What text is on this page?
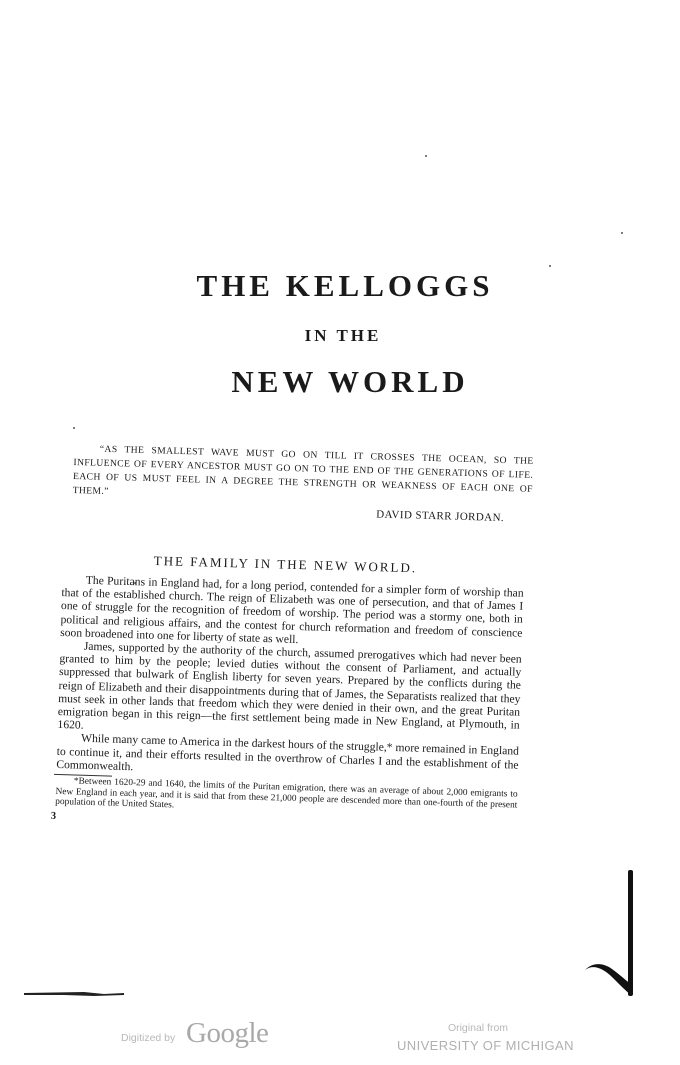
THE KELLOGGS
IN THE
NEW WORLD
“AS THE SMALLEST WAVE MUST GO ON TILL IT CROSSES THE OCEAN, SO THE INFLUENCE OF EVERY ANCESTOR MUST GO ON TO THE END OF THE GENERATIONS OF LIFE. EACH OF US MUST FEEL IN A DEGREE THE STRENGTH OR WEAKNESS OF EACH ONE OF THEM.”
DAVID STARR JORDAN.
THE FAMILY IN THE NEW WORLD.

The Puritans in England had, for a long period, contended for a simpler form of worship than that of the established church. The reign of Elizabeth was one of persecution, and that of James I one of struggle for the recognition of freedom of worship. The period was a stormy one, both in political and religious affairs, and the contest for church reformation and freedom of conscience soon broadened into one for liberty of state as well.

James, supported by the authority of the church, assumed prerogatives which had never been granted to him by the people; levied duties without the consent of Parliament, and actually suppressed that bulwark of English liberty for seven years. Prepared by the conflicts during the reign of Elizabeth and their disappointments during that of James, the Separatists realized that they must seek in other lands that freedom which they were denied in their own, and the great Puritan emigration began in this reign—the first settlement being made in New England, at Plymouth, in 1620.

While many came to America in the darkest hours of the struggle,* more remained in England to continue it, and their efforts resulted in the overthrow of Charles I and the establishment of the Commonwealth.

*Between 1620-29 and 1640, the limits of the Puritan emigration, there was an average of about 2,000 emigrants to New England in each year, and it is said that from these 21,000 people are descended more than one-fourth of the present population of the United States.
3
Digitized by Google	Original from
UNIVERSITY OF MICHIGAN
